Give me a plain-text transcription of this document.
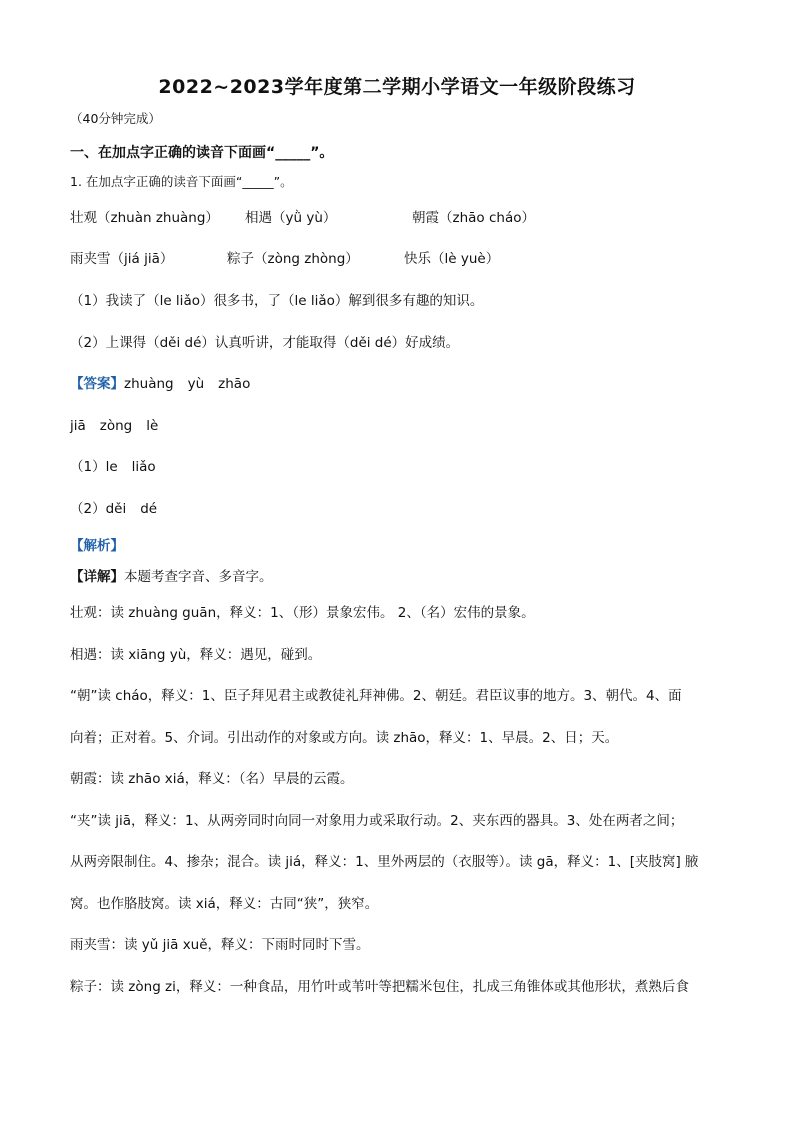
2022~2023学年度第二学期小学语文一年级阶段练习
（40分钟完成）
一、在加点字正确的读音下面画“_____”。
1. 在加点字正确的读音下面画“_____”。
壮观（zhuàn zhuàng） 相遇（yǜ yù）	朝霞（zhāo cháo）
雨夹雪（jiá jiā）	粽子（zòng zhòng）	快乐（lè yuè）
（1）我读了（le liǎo）很多书，了（le liǎo）解到很多有趣的知识。
（2）上课得（děi dé）认真听讲，才能取得（děi dé）好成绩。
【答案】zhuàng yù zhāo
jiā zòng lè
（1）le liǎo
（2）děi dé
【解析】
【详解】本题考查字音、多音字。
壮观：读 zhuàng guān，释义：1、（形）景象宏伟。 2、（名）宏伟的景象。
相遇：读 xiāng yù，释义：遇见，碰到。
“朝”读 cháo，释义：1、臣子拜见君主或教徒礼拜神佛。2、朝廷。君臣议事的地方。3、朝代。4、面
向着；正对着。5、介词。引出动作的对象或方向。读 zhāo，释义：1、早晨。2、日；天。
朝霞：读 zhāo xiá，释义：（名）早晨的云霞。
“夹”读 jiā，释义：1、从两旁同时向同一对象用力或采取行动。2、夹东西的器具。3、处在两者之间；
从两旁限制住。4、掺杂；混合。读 jiá，释义：1、里外两层的（衣服等）。读 gā，释义：1、[夹肢窝] 腋
窝。也作胳肢窝。读 xiá，释义：古同“狭”，狭窄。
雨夹雪：读 yǔ jiā xuě，释义：下雨时同时下雪。
粽子：读 zòng zi，释义：一种食品，用竹叶或苇叶等把糯米包住，扎成三角锥体或其他形状，煮熟后食
